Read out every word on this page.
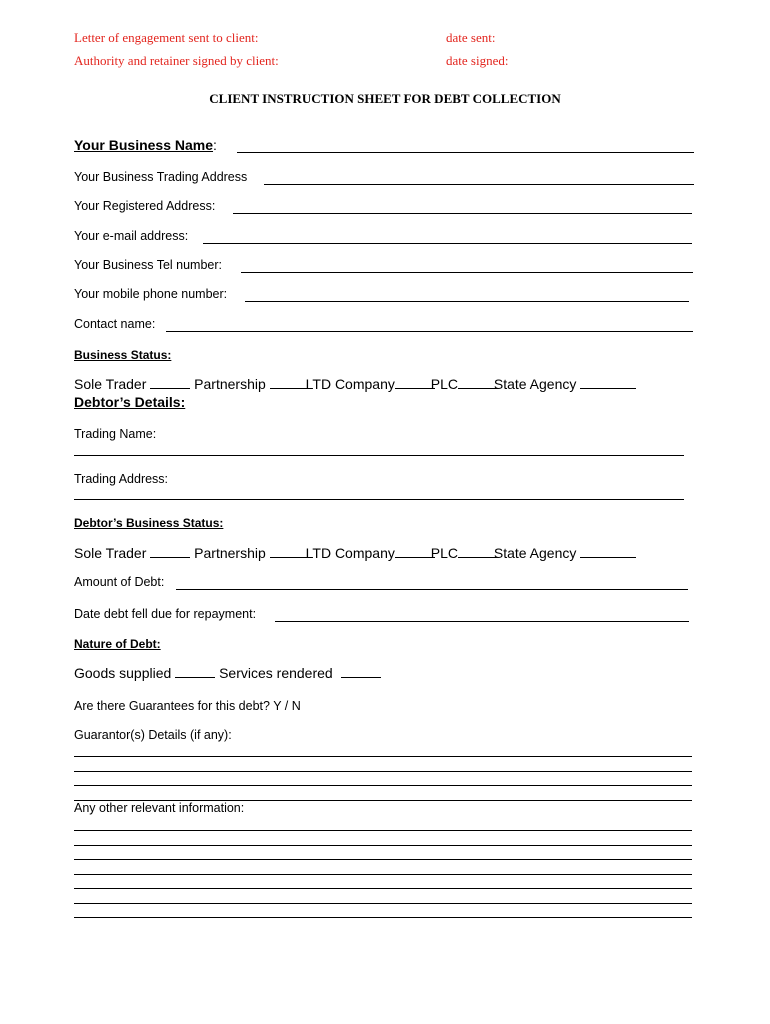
Letter of engagement sent to client:	date sent:
Authority and retainer signed by client:	date signed:
CLIENT INSTRUCTION SHEET FOR DEBT COLLECTION
Your Business Name:
Your Business Trading Address
Your Registered Address:
Your e-mail address:
Your Business Tel number:
Your mobile phone number:
Contact name:
Business Status:
Sole Trader	Partnership	LTD Company	PLC	State Agency
Debtor’s Details:
Trading Name:
Trading Address:
Debtor’s Business Status:
Sole Trader	Partnership	LTD Company	PLC	State Agency
Amount of Debt:
Date debt fell due for repayment:
Nature of Debt:
Goods supplied	Services rendered
Are there Guarantees for this debt? Y / N
Guarantor(s) Details (if any):
Any other relevant information:
